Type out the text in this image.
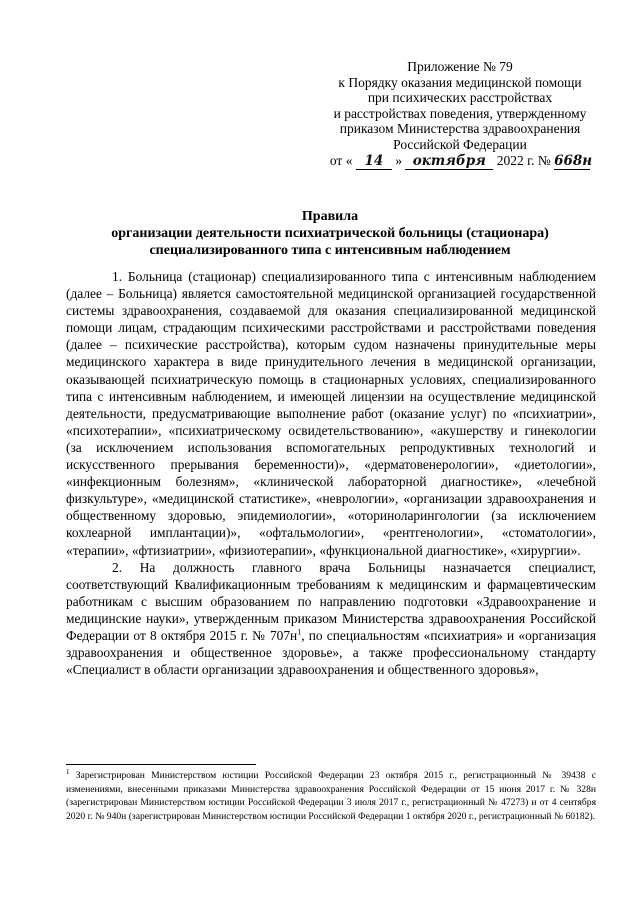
Приложение № 79
к Порядку оказания медицинской помощи
при психических расстройствах
и расстройствах поведения, утвержденному
приказом Министерства здравоохранения
Российской Федерации
от « 14 » октября 2022 г. № 668н
Правила
организации деятельности психиатрической больницы (стационара)
специализированного типа с интенсивным наблюдением

1. Больница (стационар) специализированного типа с интенсивным наблюдением (далее – Больница) является самостоятельной медицинской организацией государственной системы здравоохранения, создаваемой для оказания специализированной медицинской помощи лицам, страдающим психическими расстройствами и расстройствами поведения (далее – психические расстройства), которым судом назначены принудительные меры медицинского характера в виде принудительного лечения в медицинской организации, оказывающей психиатрическую помощь в стационарных условиях, специализированного типа с интенсивным наблюдением, и имеющей лицензии на осуществление медицинской деятельности, предусматривающие выполнение работ (оказание услуг) по «психиатрии», «психотерапии», «психиатрическому освидетельствованию», «акушерству и гинекологии (за исключением использования вспомогательных репродуктивных технологий и искусственного прерывания беременности)», «дерматовенерологии», «диетологии», «инфекционным болезням», «клинической лабораторной диагностике», «лечебной физкультуре», «медицинской статистике», «неврологии», «организации здравоохранения и общественному здоровью, эпидемиологии», «оториноларингологии (за исключением кохлеарной имплантации)», «офтальмологии», «рентгенологии», «стоматологии», «терапии», «фтизиатрии», «физиотерапии», «функциональной диагностике», «хирургии».

2. На должность главного врача Больницы назначается специалист, соответствующий Квалификационным требованиям к медицинским и фармацевтическим работникам с высшим образованием по направлению подготовки «Здравоохранение и медицинские науки», утвержденным приказом Министерства здравоохранения Российской Федерации от 8 октября 2015 г. № 707н$^1$, по специальностям «психиатрия» и «организация здравоохранения и общественное здоровье», а также профессиональному стандарту «Специалист в области организации здравоохранения и общественного здоровья»,

$^1$ Зарегистрирован Министерством юстиции Российской Федерации 23 октября 2015 г., регистрационный № 39438 с изменениями, внесенными приказами Министерства здравоохранения Российской Федерации от 15 июня 2017 г. № 328н (зарегистрирован Министерством юстиции Российской Федерации 3 июля 2017 г., регистрационный № 47273) и от 4 сентября 2020 г. № 940н (зарегистрирован Министерством юстиции Российской Федерации 1 октября 2020 г., регистрационный № 60182).
